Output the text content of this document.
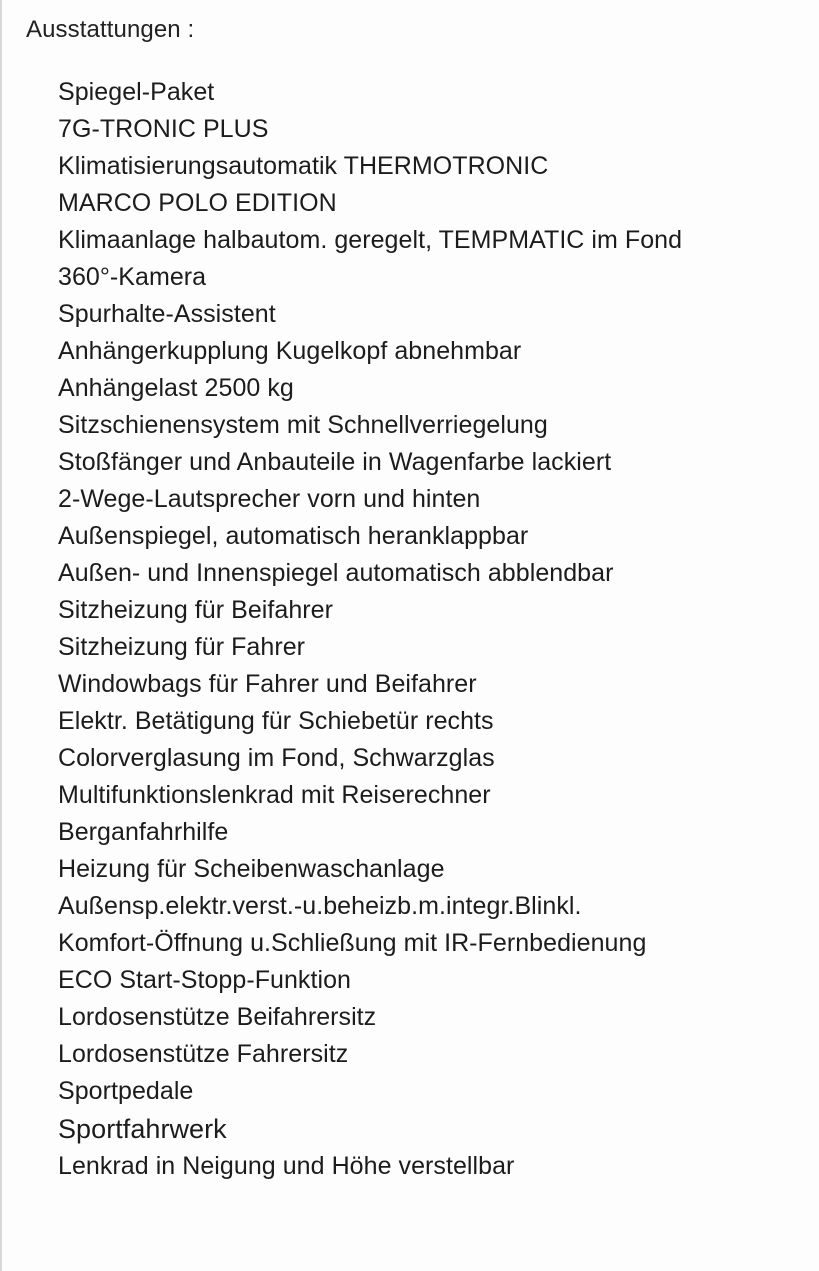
Ausstattungen :
Spiegel-Paket
7G-TRONIC PLUS
Klimatisierungsautomatik THERMOTRONIC
MARCO POLO EDITION
Klimaanlage halbautom. geregelt, TEMPMATIC im Fond
360°-Kamera
Spurhalte-Assistent
Anhängerkupplung Kugelkopf abnehmbar
Anhängelast 2500 kg
Sitzschienensystem mit Schnellverriegelung
Stoßfänger und Anbauteile in Wagenfarbe lackiert
2-Wege-Lautsprecher vorn und hinten
Außenspiegel, automatisch heranklappbar
Außen- und Innenspiegel automatisch abblendbar
Sitzheizung für Beifahrer
Sitzheizung für Fahrer
Windowbags für Fahrer und Beifahrer
Elektr. Betätigung für Schiebetür rechts
Colorverglasung im Fond, Schwarzglas
Multifunktionslenkrad mit Reiserechner
Berganfahrhilfe
Heizung für Scheibenwaschanlage
Außensp.elektr.verst.-u.beheizb.m.integr.Blinkl.
Komfort-Öffnung u.Schließung mit IR-Fernbedienung
ECO Start-Stopp-Funktion
Lordosenstütze Beifahrersitz
Lordosenstütze Fahrersitz
Sportpedale
Sportfahrwerk
Lenkrad in Neigung und Höhe verstellbar
